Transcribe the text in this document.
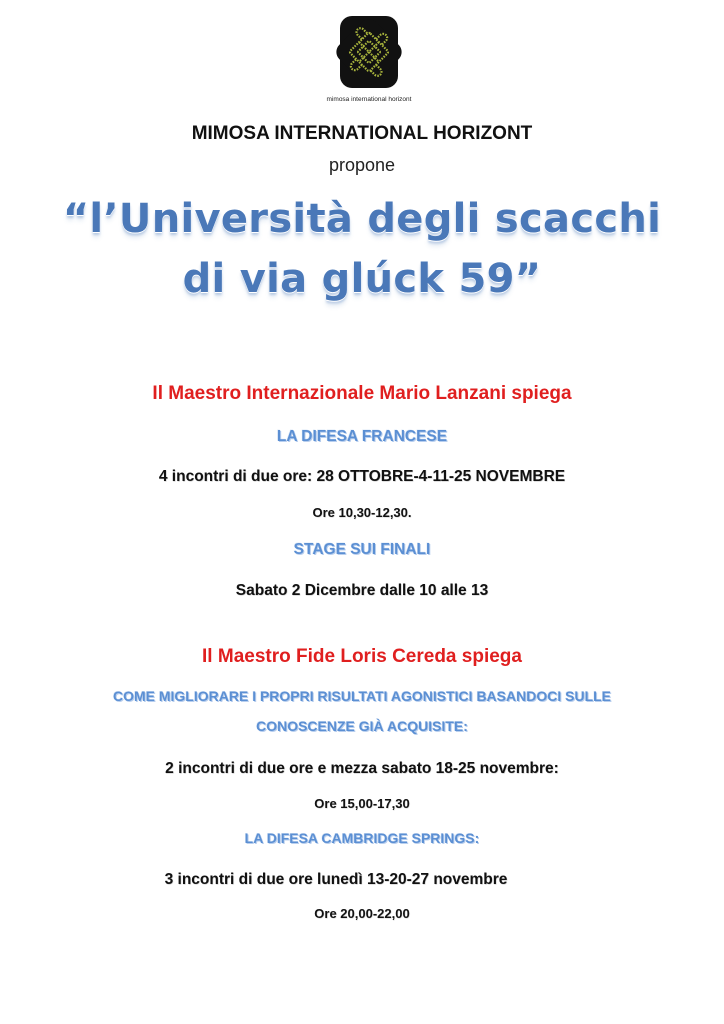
mimosa international horizont
MIMOSA INTERNATIONAL HORIZONT
propone
“l’Università degli scacchi
di via glúck 59”
Il Maestro Internazionale Mario Lanzani spiega
LA DIFESA FRANCESE
4 incontri di due ore: 28 OTTOBRE-4-11-25 NOVEMBRE
Ore 10,30-12,30.
STAGE SUI FINALI
Sabato 2 Dicembre dalle 10 alle 13
Il Maestro Fide Loris Cereda spiega
COME MIGLIORARE I PROPRI RISULTATI AGONISTICI BASANDOCI SULLE
CONOSCENZE GIÀ ACQUISITE:
2 incontri di due ore e mezza sabato 18-25 novembre:
Ore 15,00-17,30
LA DIFESA CAMBRIDGE SPRINGS:
3 incontri di due ore lunedì 13-20-27 novembre
Ore 20,00-22,00
